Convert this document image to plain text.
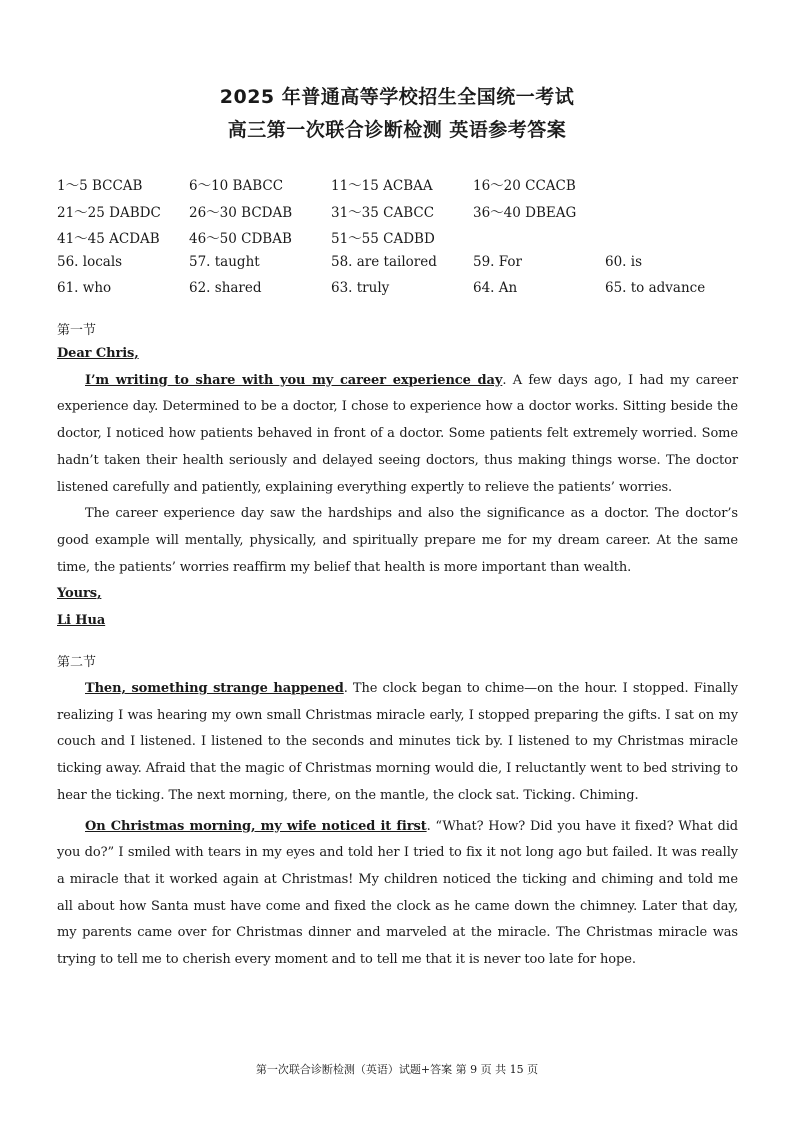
2025 年普通高等学校招生全国统一考试
高三第一次联合诊断检测 英语参考答案
1～5 BCCAB	6～10 BABCC	11～15 ACBAA	16～20 CCACB
21～25 DABDC 26～30 BCDAB	31～35 CABCC	36～40 DBEAG
41～45 ACDAB 46～50 CDBAB	51～55 CADBD
56. locals	57. taught	58. are tailored	59. For	60. is
61. who	62. shared	63. truly	64. An	65. to advance
第一节

Dear Chris,

I’m writing to share with you my career experience day. A few days ago, I had my career experience day. Determined to be a doctor, I chose to experience how a doctor works. Sitting beside the doctor, I noticed how patients behaved in front of a doctor. Some patients felt extremely worried. Some hadn’t taken their health seriously and delayed seeing doctors, thus making things worse. The doctor listened carefully and patiently, explaining everything expertly to relieve the patients’ worries.

The career experience day saw the hardships and also the significance as a doctor. The doctor’s good example will mentally, physically, and spiritually prepare me for my dream career. At the same time, the patients’ worries reaffirm my belief that health is more important than wealth.

Yours,

Li Hua

第二节

Then, something strange happened. The clock began to chime—on the hour. I stopped. Finally realizing I was hearing my own small Christmas miracle early, I stopped preparing the gifts. I sat on my couch and I listened. I listened to the seconds and minutes tick by. I listened to my Christmas miracle ticking away. Afraid that the magic of Christmas morning would die, I reluctantly went to bed striving to hear the ticking. The next morning, there, on the mantle, the clock sat. Ticking. Chiming.

On Christmas morning, my wife noticed it first. “What? How? Did you have it fixed? What did you do?” I smiled with tears in my eyes and told her I tried to fix it not long ago but failed. It was really a miracle that it worked again at Christmas! My children noticed the ticking and chiming and told me all about how Santa must have come and fixed the clock as he came down the chimney. Later that day, my parents came over for Christmas dinner and marveled at the miracle. The Christmas miracle was trying to tell me to cherish every moment and to tell me that it is never too late for hope.

第一次联合诊断检测（英语）试题+答案 第 9 页 共 15 页
